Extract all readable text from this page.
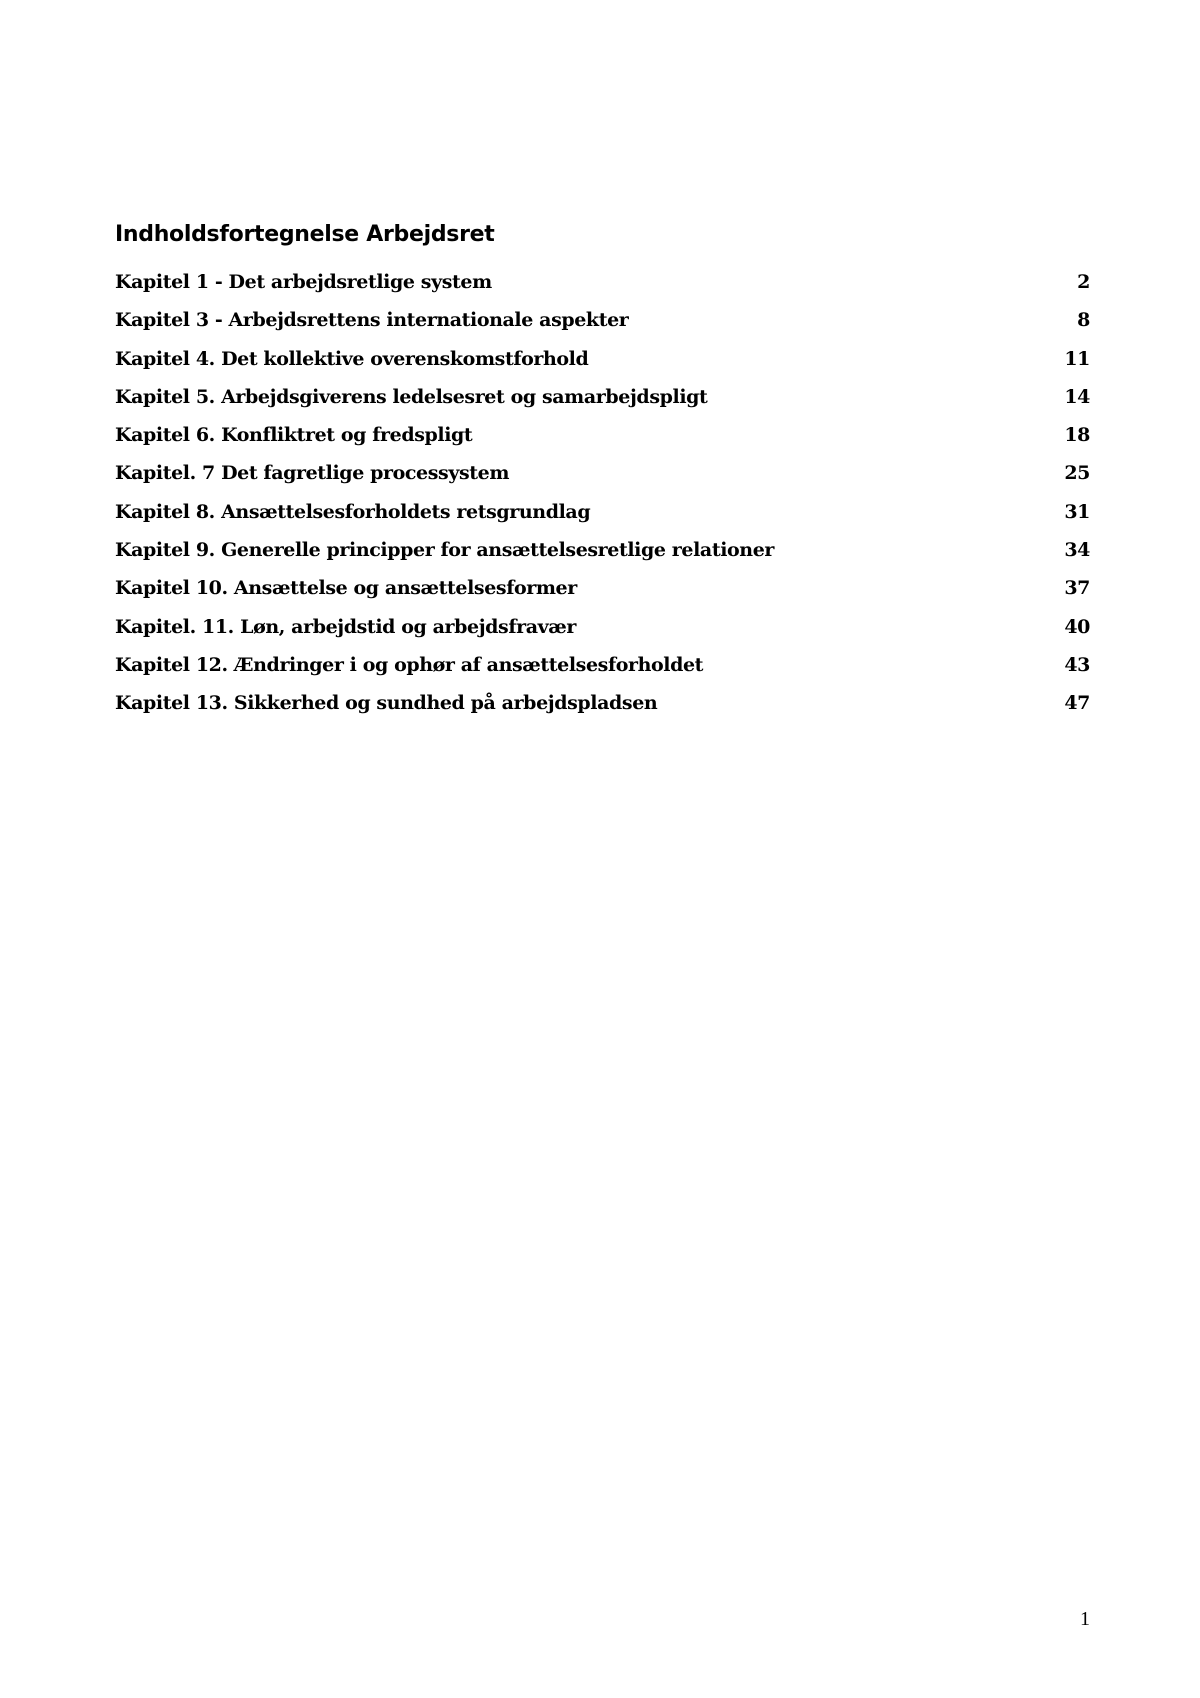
Indholdsfortegnelse Arbejdsret
Kapitel 1 - Det arbejdsretlige system	2
Kapitel 3 - Arbejdsrettens internationale aspekter	8
Kapitel 4. Det kollektive overenskomstforhold	11
Kapitel 5. Arbejdsgiverens ledelsesret og samarbejdspligt	14
Kapitel 6. Konfliktret og fredspligt	18
Kapitel. 7 Det fagretlige processystem	25
Kapitel 8. Ansættelsesforholdets retsgrundlag	31
Kapitel 9. Generelle principper for ansættelsesretlige relationer	34
Kapitel 10. Ansættelse og ansættelsesformer	37
Kapitel. 11. Løn, arbejdstid og arbejdsfravær	40
Kapitel 12. Ændringer i og ophør af ansættelsesforholdet	43
Kapitel 13. Sikkerhed og sundhed på arbejdspladsen	47
1
